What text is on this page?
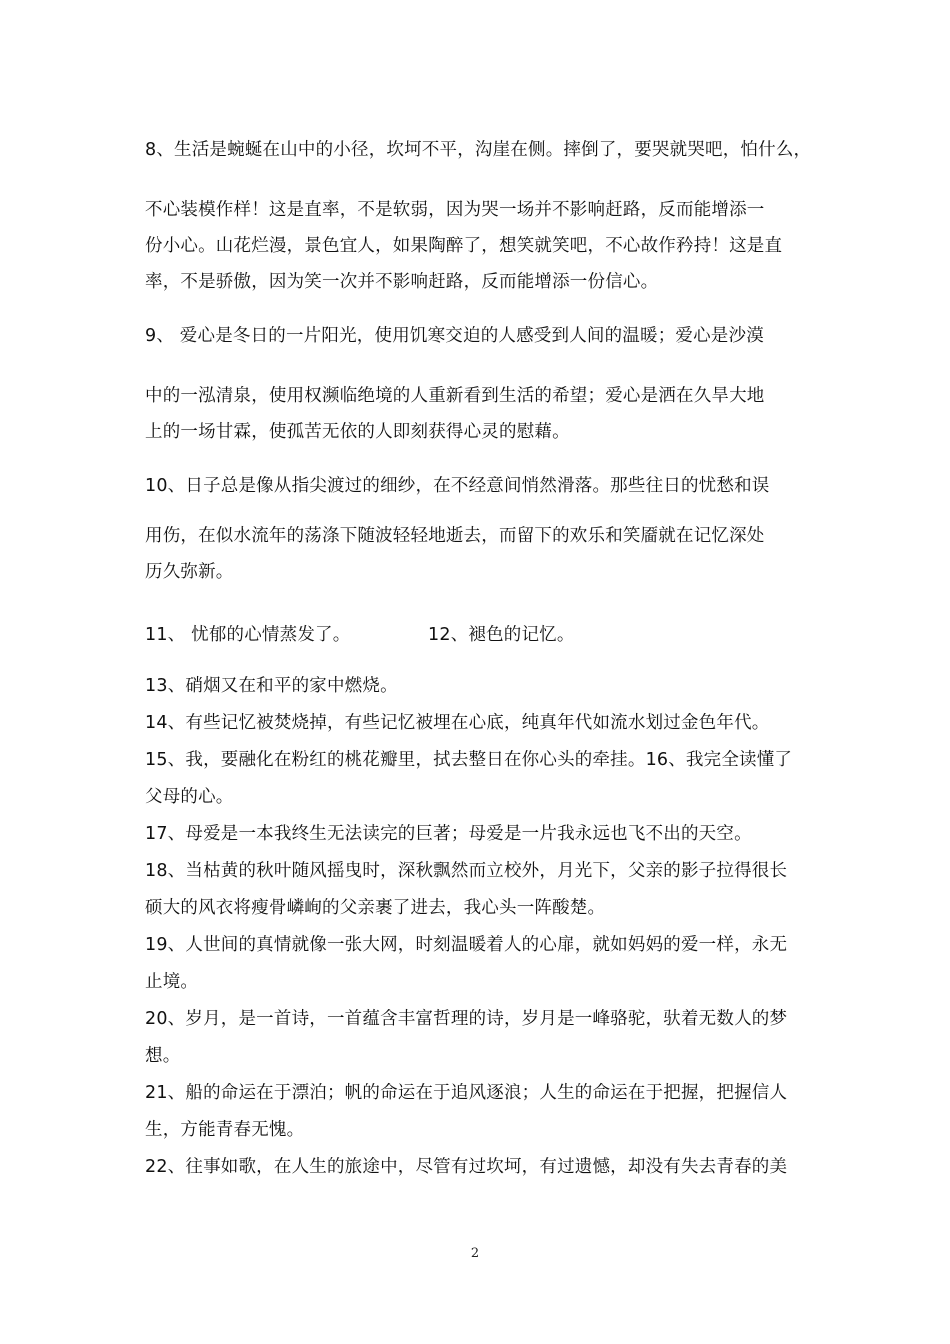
8、生活是蜿蜒在山中的小径，坎坷不平，沟崖在侧。摔倒了，要哭就哭吧，怕什么，
不心装模作样！这是直率，不是软弱，因为哭一场并不影响赶路，反而能增添一
份小心。山花烂漫，景色宜人，如果陶醉了，想笑就笑吧，不心故作矜持！这是直
率，不是骄傲，因为笑一次并不影响赶路，反而能增添一份信心。
9、 爱心是冬日的一片阳光，使用饥寒交迫的人感受到人间的温暖；爱心是沙漠
中的一泓清泉，使用权濒临绝境的人重新看到生活的希望；爱心是洒在久旱大地
上的一场甘霖，使孤苦无依的人即刻获得心灵的慰藉。
10、日子总是像从指尖渡过的细纱，在不经意间悄然滑落。那些往日的忧愁和误
用伤，在似水流年的荡涤下随波轻轻地逝去，而留下的欢乐和笑靥就在记忆深处
历久弥新。
11、 忧郁的心情蒸发了。	12、褪色的记忆。
13、硝烟又在和平的家中燃烧。
14、有些记忆被焚烧掉，有些记忆被埋在心底，纯真年代如流水划过金色年代。
15、我，要融化在粉红的桃花瓣里，拭去整日在你心头的牵挂。16、我完全读懂了
父母的心。
17、母爱是一本我终生无法读完的巨著；母爱是一片我永远也飞不出的天空。
18、当枯黄的秋叶随风摇曳时，深秋飘然而立校外，月光下，父亲的影子拉得很长
硕大的风衣将瘦骨嶙峋的父亲裹了进去，我心头一阵酸楚。
19、人世间的真情就像一张大网，时刻温暖着人的心扉，就如妈妈的爱一样，永无
止境。
20、岁月，是一首诗，一首蕴含丰富哲理的诗，岁月是一峰骆驼，驮着无数人的梦
想。
21、船的命运在于漂泊；帆的命运在于追风逐浪；人生的命运在于把握，把握信人
生，方能青春无愧。
22、往事如歌，在人生的旅途中，尽管有过坎坷，有过遗憾，却没有失去青春的美
2
